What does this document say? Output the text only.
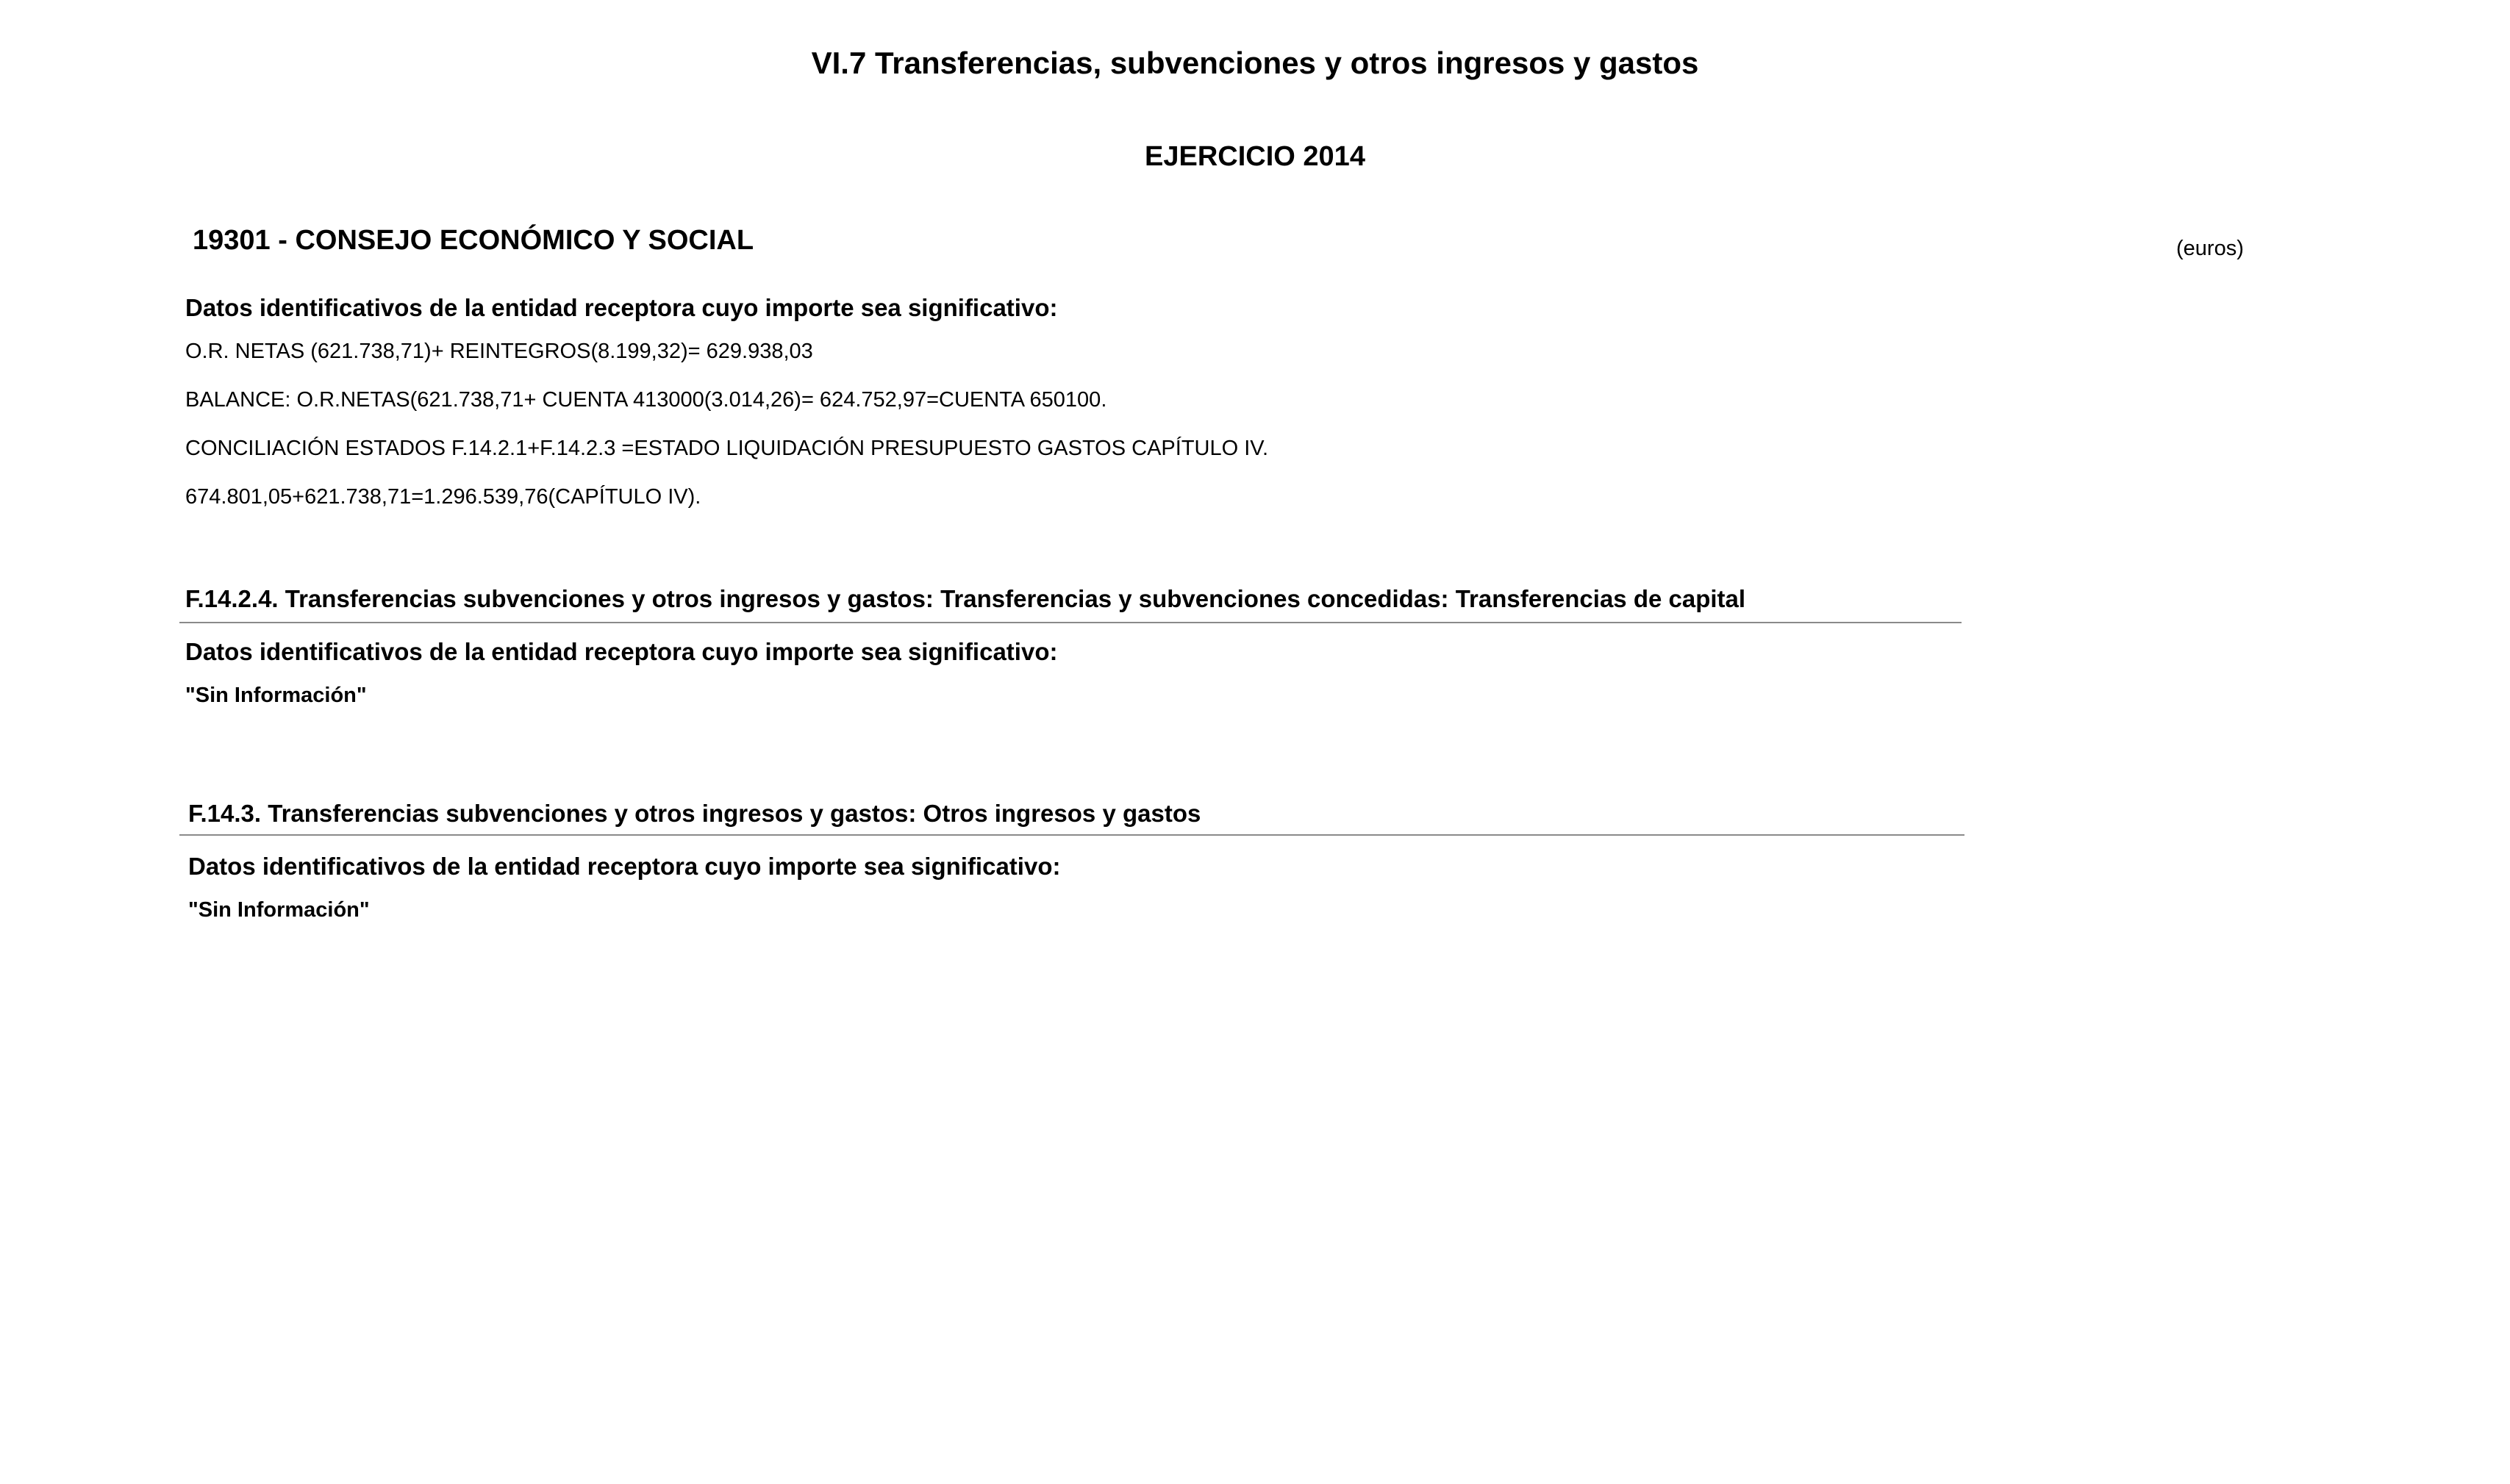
VI.7 Transferencias, subvenciones y otros ingresos y gastos
EJERCICIO 2014
19301 - CONSEJO ECONÓMICO Y SOCIAL	(euros)
Datos identificativos de la entidad receptora cuyo importe sea significativo:
O.R. NETAS (621.738,71)+ REINTEGROS(8.199,32)= 629.938,03
BALANCE: O.R.NETAS(621.738,71+ CUENTA 413000(3.014,26)= 624.752,97=CUENTA 650100.
CONCILIACIÓN ESTADOS F.14.2.1+F.14.2.3 =ESTADO LIQUIDACIÓN PRESUPUESTO GASTOS CAPÍTULO IV.
674.801,05+621.738,71=1.296.539,76(CAPÍTULO IV).
F.14.2.4. Transferencias subvenciones y otros ingresos y gastos: Transferencias y subvenciones concedidas: Transferencias de capital
Datos identificativos de la entidad receptora cuyo importe sea significativo:
"Sin Información"
F.14.3. Transferencias subvenciones y otros ingresos y gastos: Otros ingresos y gastos
Datos identificativos de la entidad receptora cuyo importe sea significativo:
"Sin Información"
